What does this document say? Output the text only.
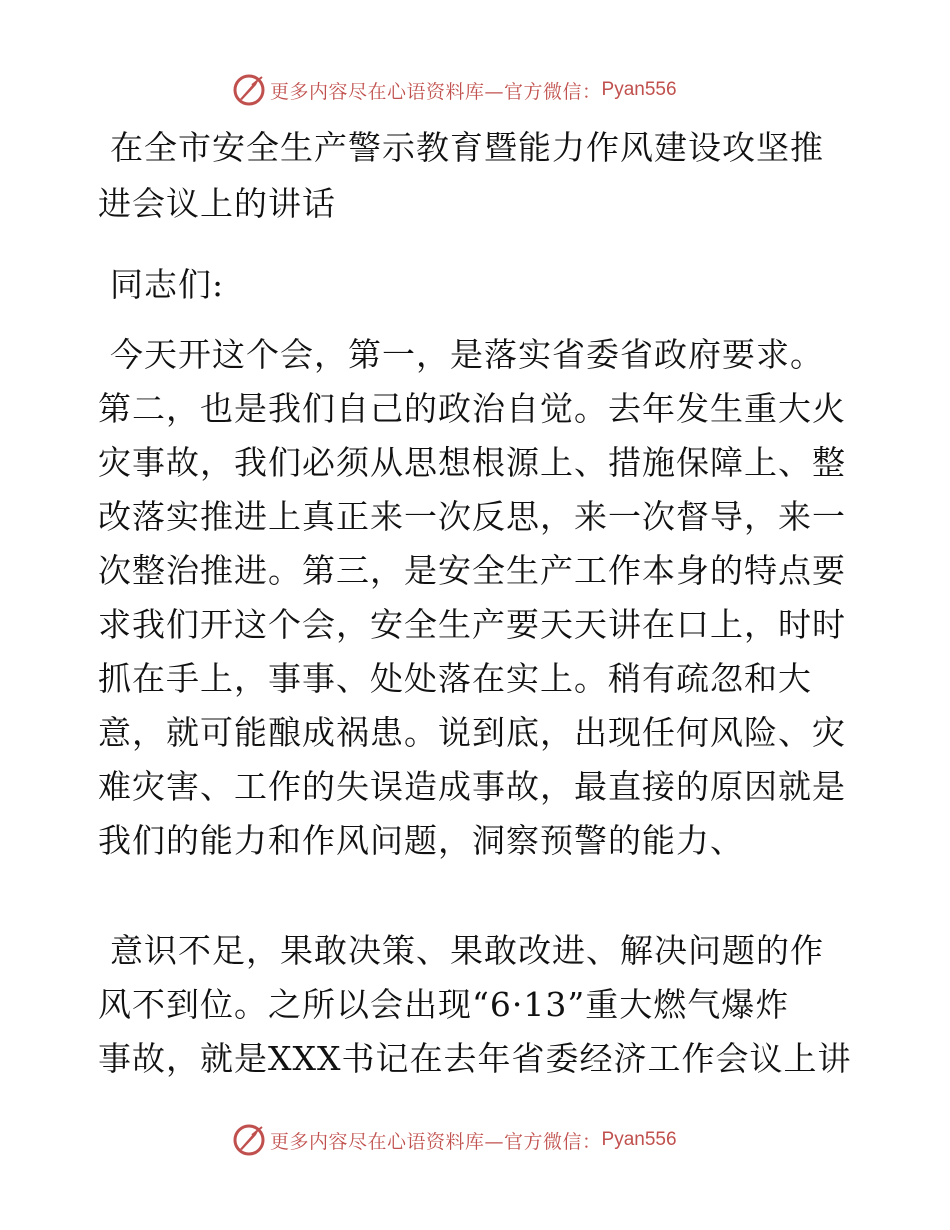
更多内容尽在心语资料库—官方微信： Pyan556
在全市安全生产警示教育暨能力作风建设攻坚推
进会议上的讲话
同志们:
今天开这个会，第一，是落实省委省政府要求。
第二，也是我们自己的政治自觉。去年发生重大火
灾事故，我们必须从思想根源上、措施保障上、整
改落实推进上真正来一次反思，来一次督导，来一
次整治推进。第三，是安全生产工作本身的特点要
求我们开这个会，安全生产要天天讲在口上，时时
抓在手上，事事、处处落在实上。稍有疏忽和大
意，就可能酿成祸患。说到底，出现任何风险、灾
难灾害、工作的失误造成事故，最直接的原因就是
我们的能力和作风问题，洞察预警的能力、
意识不足，果敢决策、果敢改进、解决问题的作
风不到位。之所以会出现“6·13”重大燃气爆炸
事故，就是XXX书记在去年省委经济工作会议上讲
更多内容尽在心语资料库—官方微信： Pyan556
